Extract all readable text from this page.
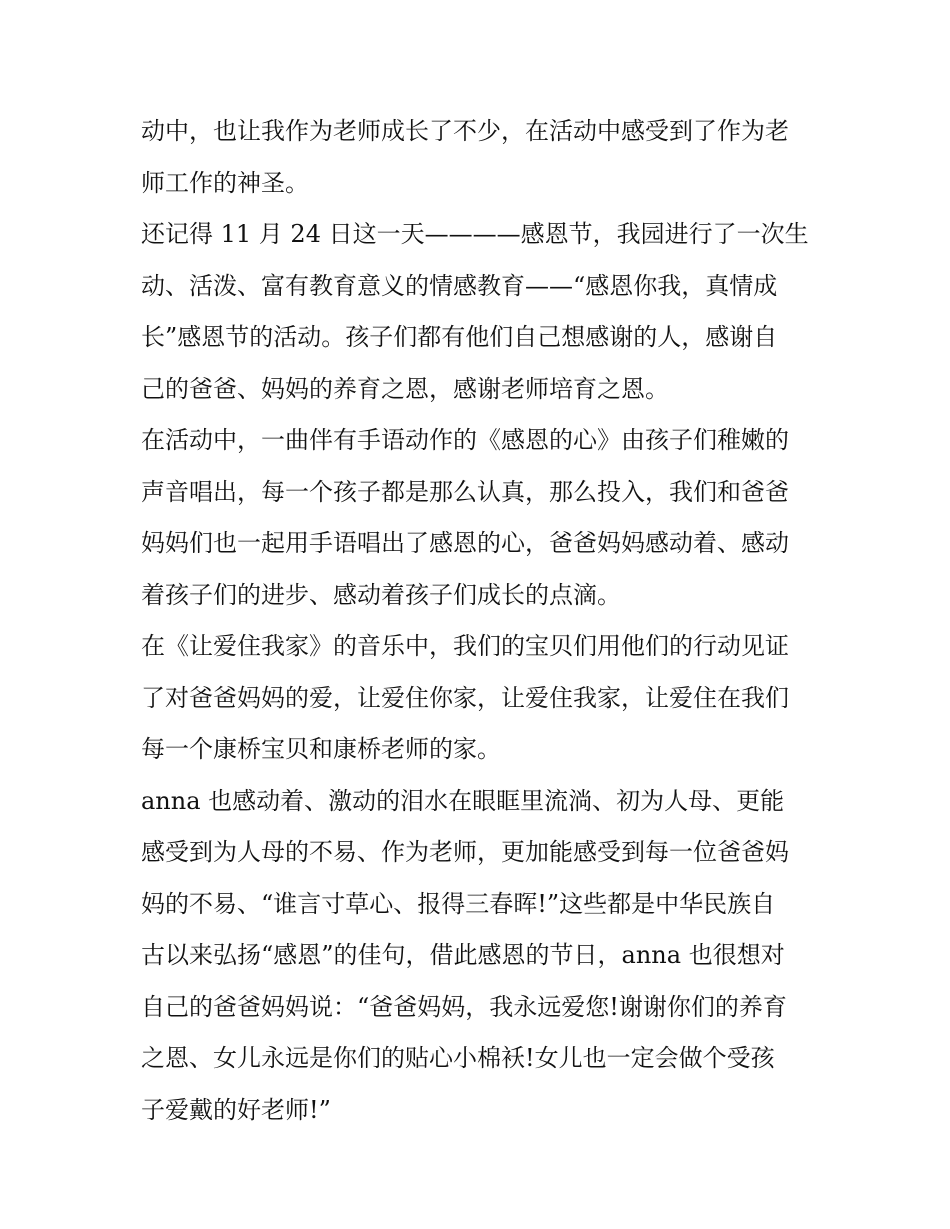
动中，也让我作为老师成长了不少，在活动中感受到了作为老
师工作的神圣。
还记得 11 月 24 日这一天————感恩节，我园进行了一次生
动、活泼、富有教育意义的情感教育——“感恩你我，真情成
长”感恩节的活动。孩子们都有他们自己想感谢的人，感谢自
己的爸爸、妈妈的养育之恩，感谢老师培育之恩。
在活动中，一曲伴有手语动作的《感恩的心》由孩子们稚嫩的
声音唱出，每一个孩子都是那么认真，那么投入，我们和爸爸
妈妈们也一起用手语唱出了感恩的心，爸爸妈妈感动着、感动
着孩子们的进步、感动着孩子们成长的点滴。
在《让爱住我家》的音乐中，我们的宝贝们用他们的行动见证
了对爸爸妈妈的爱，让爱住你家，让爱住我家，让爱住在我们
每一个康桥宝贝和康桥老师的家。
anna 也感动着、激动的泪水在眼眶里流淌、初为人母、更能
感受到为人母的不易、作为老师，更加能感受到每一位爸爸妈
妈的不易、“谁言寸草心、报得三春晖!”这些都是中华民族自
古以来弘扬“感恩”的佳句，借此感恩的节日，anna 也很想对
自己的爸爸妈妈说：“爸爸妈妈，我永远爱您!谢谢你们的养育
之恩、女儿永远是你们的贴心小棉袄!女儿也一定会做个受孩
子爱戴的好老师!”
